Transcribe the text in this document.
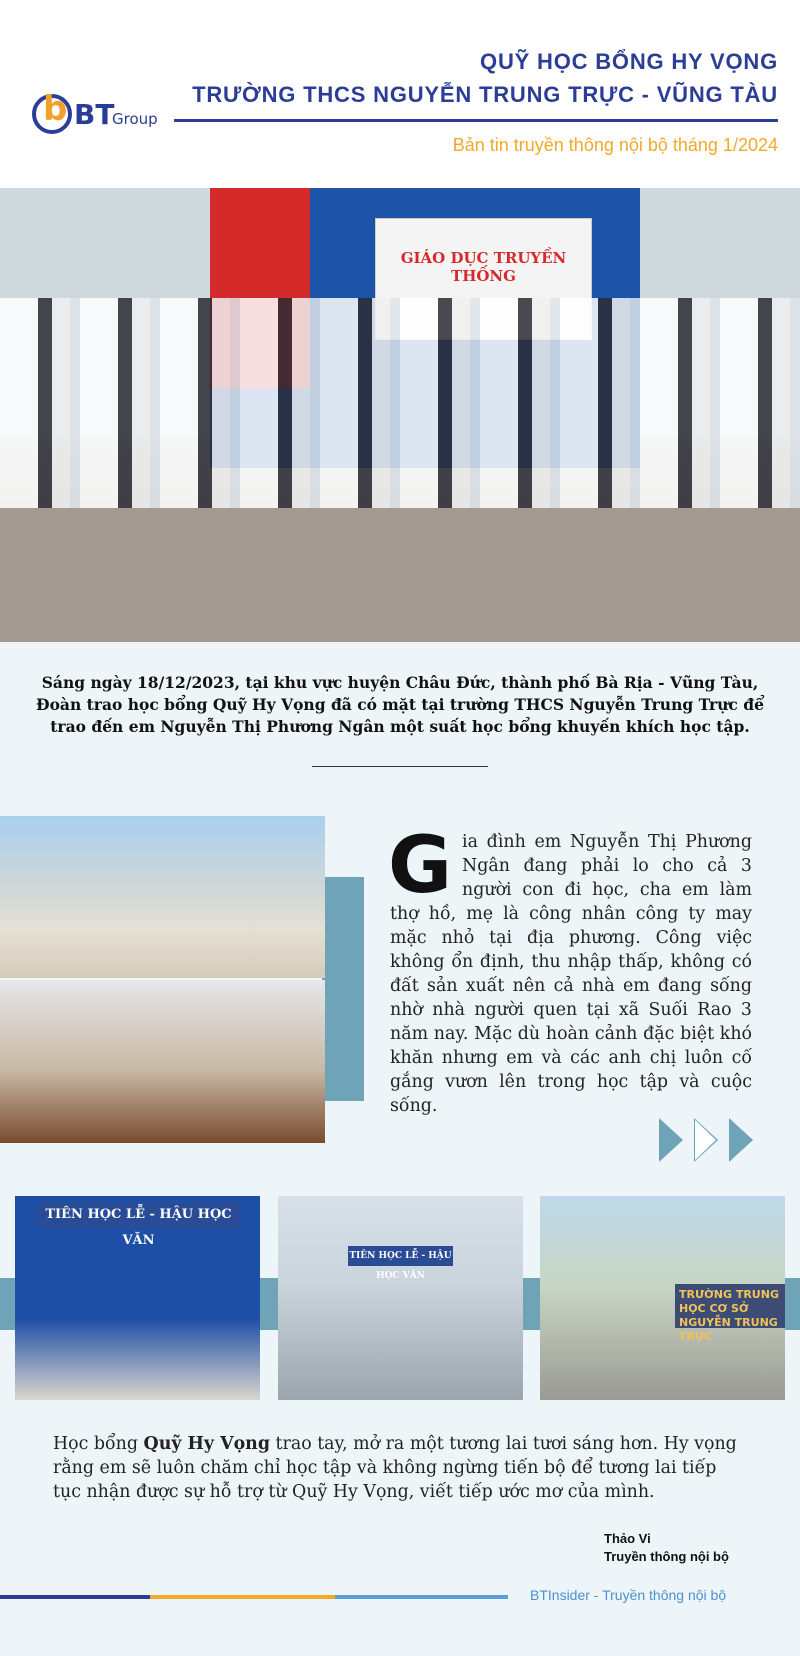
b BT
Group
QUỸ HỌC BỔNG HY VỌNG
TRƯỜNG THCS NGUYỄN TRUNG TRỰC - VŨNG TÀU
Bản tin truyền thông nội bộ tháng 1/2024
GIÁO DỤC TRUYỀN THỐNG
Sáng ngày 18/12/2023, tại khu vực huyện Châu Đức, thành phố Bà Rịa - Vũng Tàu, Đoàn trao học bổng Quỹ Hy Vọng đã có mặt tại trường THCS Nguyễn Trung Trực để trao đến em Nguyễn Thị Phương Ngân một suất học bổng khuyến khích học tập.
Gia đình em Nguyễn Thị Phương Ngân đang phải lo cho cả 3 người con đi học, cha em làm thợ hồ, mẹ là công nhân công ty may mặc nhỏ tại địa phương. Công việc không ổn định, thu nhập thấp, không có đất sản xuất nên cả nhà em đang sống nhờ nhà người quen tại xã Suối Rao 3 năm nay. Mặc dù hoàn cảnh đặc biệt khó khăn nhưng em và các anh chị luôn cố gắng vươn lên trong học tập và cuộc sống.
TIÊN HỌC LỄ - HẬU HỌC VĂN
TIÊN HỌC LỄ - HẬU HỌC VĂN
TRƯỜNG TRUNG HỌC CƠ SỞ NGUYỄN TRUNG TRỰC
Học bổng Quỹ Hy Vọng trao tay, mở ra một tương lai tươi sáng hơn. Hy vọng rằng em sẽ luôn chăm chỉ học tập và không ngừng tiến bộ để tương lai tiếp tục nhận được sự hỗ trợ từ Quỹ Hy Vọng, viết tiếp ước mơ của mình.
Thảo Vi
Truyền thông nội bộ
BTInsider - Truyền thông nội bộ
